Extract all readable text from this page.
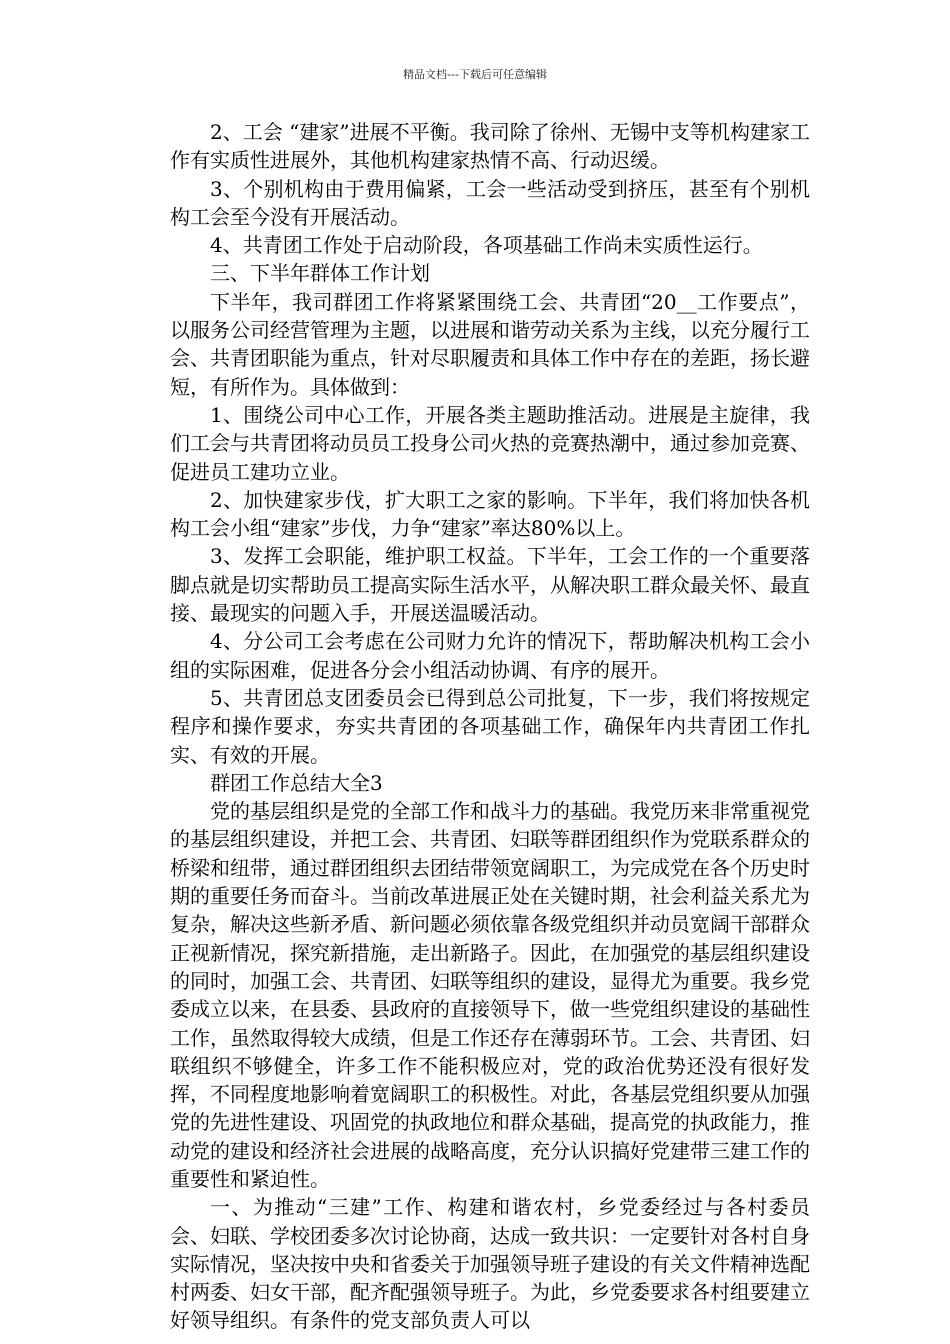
精品文档---下载后可任意编辑

2、工会 “建家”进展不平衡。我司除了徐州、无锡中支等机构建家工作有实质性进展外，其他机构建家热情不高、行动迟缓。

3、个别机构由于费用偏紧，工会一些活动受到挤压，甚至有个别机构工会至今没有开展活动。

4、共青团工作处于启动阶段，各项基础工作尚未实质性运行。

三、下半年群体工作计划

下半年，我司群团工作将紧紧围绕工会、共青团“20__工作要点”，以服务公司经营管理为主题，以进展和谐劳动关系为主线，以充分履行工会、共青团职能为重点，针对尽职履责和具体工作中存在的差距，扬长避短，有所作为。具体做到：

1、围绕公司中心工作，开展各类主题助推活动。进展是主旋律，我们工会与共青团将动员员工投身公司火热的竞赛热潮中，通过参加竞赛、促进员工建功立业。

2、加快建家步伐，扩大职工之家的影响。下半年，我们将加快各机构工会小组“建家”步伐，力争“建家”率达80%以上。

3、发挥工会职能，维护职工权益。下半年，工会工作的一个重要落脚点就是切实帮助员工提高实际生活水平，从解决职工群众最关怀、最直接、最现实的问题入手，开展送温暖活动。

4、分公司工会考虑在公司财力允许的情况下，帮助解决机构工会小组的实际困难，促进各分会小组活动协调、有序的展开。

5、共青团总支团委员会已得到总公司批复，下一步，我们将按规定程序和操作要求，夯实共青团的各项基础工作，确保年内共青团工作扎实、有效的开展。

群团工作总结大全3

党的基层组织是党的全部工作和战斗力的基础。我党历来非常重视党的基层组织建设，并把工会、共青团、妇联等群团组织作为党联系群众的桥梁和纽带，通过群团组织去团结带领宽阔职工，为完成党在各个历史时期的重要任务而奋斗。当前改革进展正处在关键时期，社会利益关系尤为复杂，解决这些新矛盾、新问题必须依靠各级党组织并动员宽阔干部群众正视新情况，探究新措施，走出新路子。因此，在加强党的基层组织建设的同时，加强工会、共青团、妇联等组织的建设，显得尤为重要。我乡党委成立以来，在县委、县政府的直接领导下，做一些党组织建设的基础性工作，虽然取得较大成绩，但是工作还存在薄弱环节。工会、共青团、妇联组织不够健全，许多工作不能积极应对，党的政治优势还没有很好发挥，不同程度地影响着宽阔职工的积极性。对此，各基层党组织要从加强党的先进性建设、巩固党的执政地位和群众基础，提高党的执政能力，推动党的建设和经济社会进展的战略高度，充分认识搞好党建带三建工作的重要性和紧迫性。

一、为推动“三建”工作、构建和谐农村，乡党委经过与各村委员会、妇联、学校团委多次讨论协商，达成一致共识：一定要针对各村自身实际情况，坚决按中央和省委关于加强领导班子建设的有关文件精神选配村两委、妇女干部，配齐配强领导班子。为此，乡党委要求各村组要建立好领导组织。有条件的党支部负责人可以
